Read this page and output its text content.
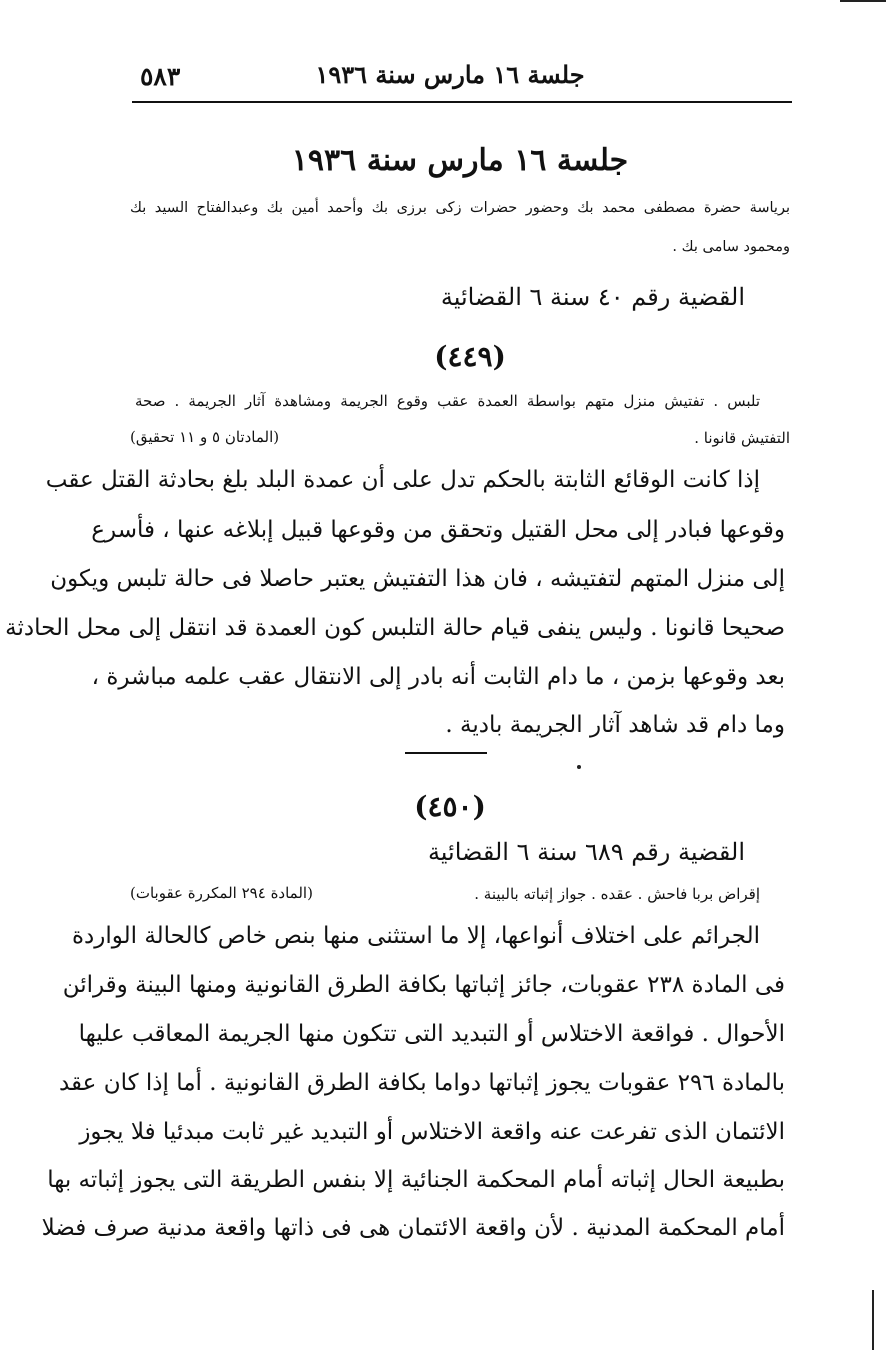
٥٨٣	جلسة ١٦ مارس سنة ١٩٣٦
جلسة ١٦ مارس سنة ١٩٣٦
برياسة حضرة مصطفى محمد بك وحضور حضرات زكى برزى بك وأحمد أمين بك وعبدالفتاح السيد بك
ومحمود سامى بك .
القضية رقم ٤٠ سنة ٦ القضائية
(٤٤٩)
تلبس . تفتيش منزل متهم بواسطة العمدة عقب وقوع الجريمة ومشاهدة آثار الجريمة . صحة
التفتيش قانونا .
(المادتان ٥ و ١١ تحقيق)
إذا كانت الوقائع الثابتة بالحكم تدل على أن عمدة البلد بلغ بحادثة القتل عقب
وقوعها فبادر إلى محل القتيل وتحقق من وقوعها قبيل إبلاغه عنها ، فأسرع
إلى منزل المتهم لتفتيشه ، فان هذا التفتيش يعتبر حاصلا فى حالة تلبس ويكون
صحيحا قانونا . وليس ينفى قيام حالة التلبس كون العمدة قد انتقل إلى محل الحادثة
بعد وقوعها بزمن ، ما دام الثابت أنه بادر إلى الانتقال عقب علمه مباشرة ،
وما دام قد شاهد آثار الجريمة بادية .
(٤٥٠)
القضية رقم ٦٨٩ سنة ٦ القضائية
إقراض بربا فاحش . عقده . جواز إثباته بالبينة .
(المادة ٢٩٤ المكررة عقوبات)
الجرائم على اختلاف أنواعها، إلا ما استثنى منها بنص خاص كالحالة الواردة
فى المادة ٢٣٨ عقوبات، جائز إثباتها بكافة الطرق القانونية ومنها البينة وقرائن
الأحوال . فواقعة الاختلاس أو التبديد التى تتكون منها الجريمة المعاقب عليها
بالمادة ٢٩٦ عقوبات يجوز إثباتها دواما بكافة الطرق القانونية . أما إذا كان عقد
الائتمان الذى تفرعت عنه واقعة الاختلاس أو التبديد غير ثابت مبدئيا فلا يجوز
بطبيعة الحال إثباته أمام المحكمة الجنائية إلا بنفس الطريقة التى يجوز إثباته بها
أمام المحكمة المدنية . لأن واقعة الائتمان هى فى ذاتها واقعة مدنية صرف فضلا
